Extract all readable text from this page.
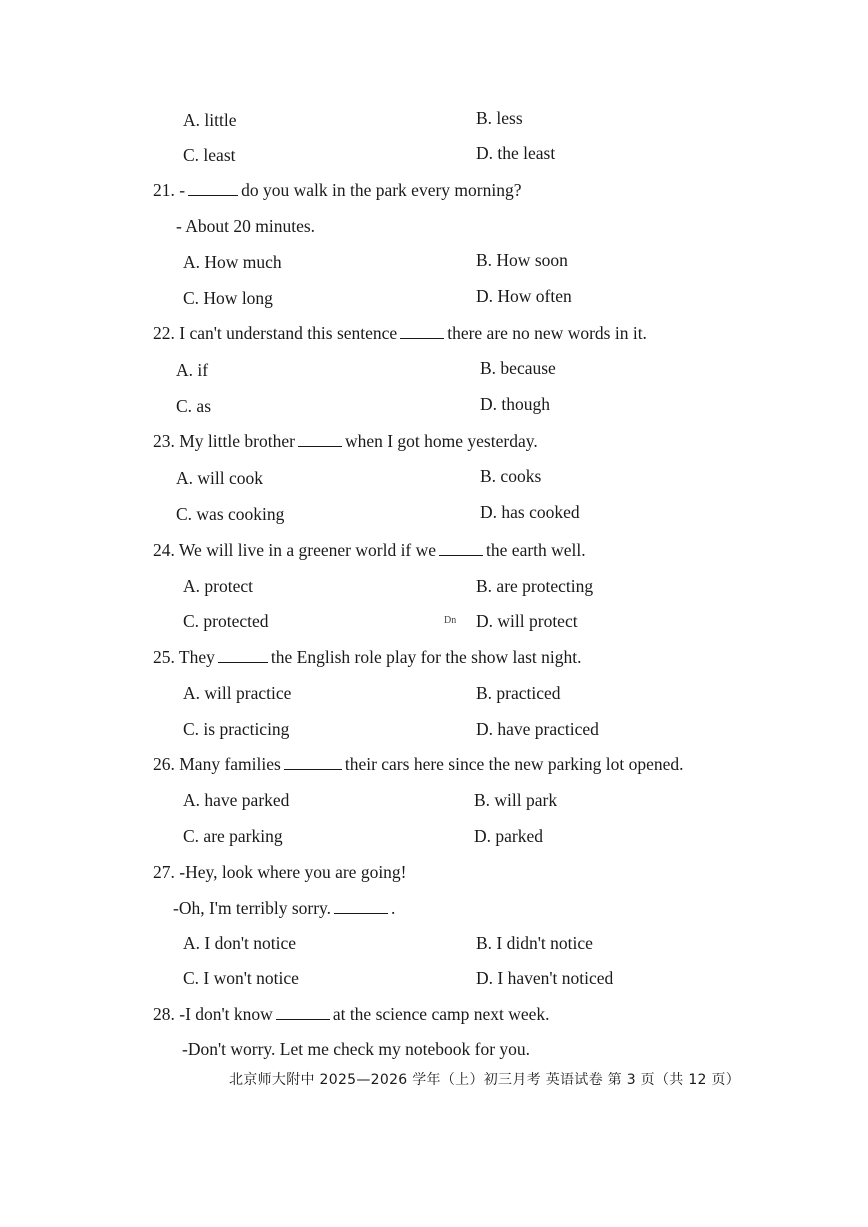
A. little	B. less
C. least	D. the least
21. -	do you walk in the park every morning?
- About 20 minutes.
A. How much	B. How soon
C. How long	D. How often
22. I can't understand this sentence	there are no new words in it.
A. if	B. because
C. as	D. though
23. My little brother	when I got home yesterday.
A. will cook	B. cooks
C. was cooking	D. has cooked
24. We will live in a greener world if we	the earth well.
A. protect	B. are protecting
C. protected	Dn D. will protect
25. They	the English role play for the show last night.
A. will practice	B. practiced
C. is practicing	D. have practiced
26. Many families	their cars here since the new parking lot opened.
A. have parked	B. will park
C. are parking	D. parked
27. -Hey, look where you are going!
-Oh, I'm terribly sorry.	.
A. I don't notice	B. I didn't notice
C. I won't notice	D. I haven't noticed
28. -I don't know	at the science camp next week.
-Don't worry. Let me check my notebook for you.
北京师大附中 2025—2026 学年（上）初三月考 英语试卷 第 3 页（共 12 页）
